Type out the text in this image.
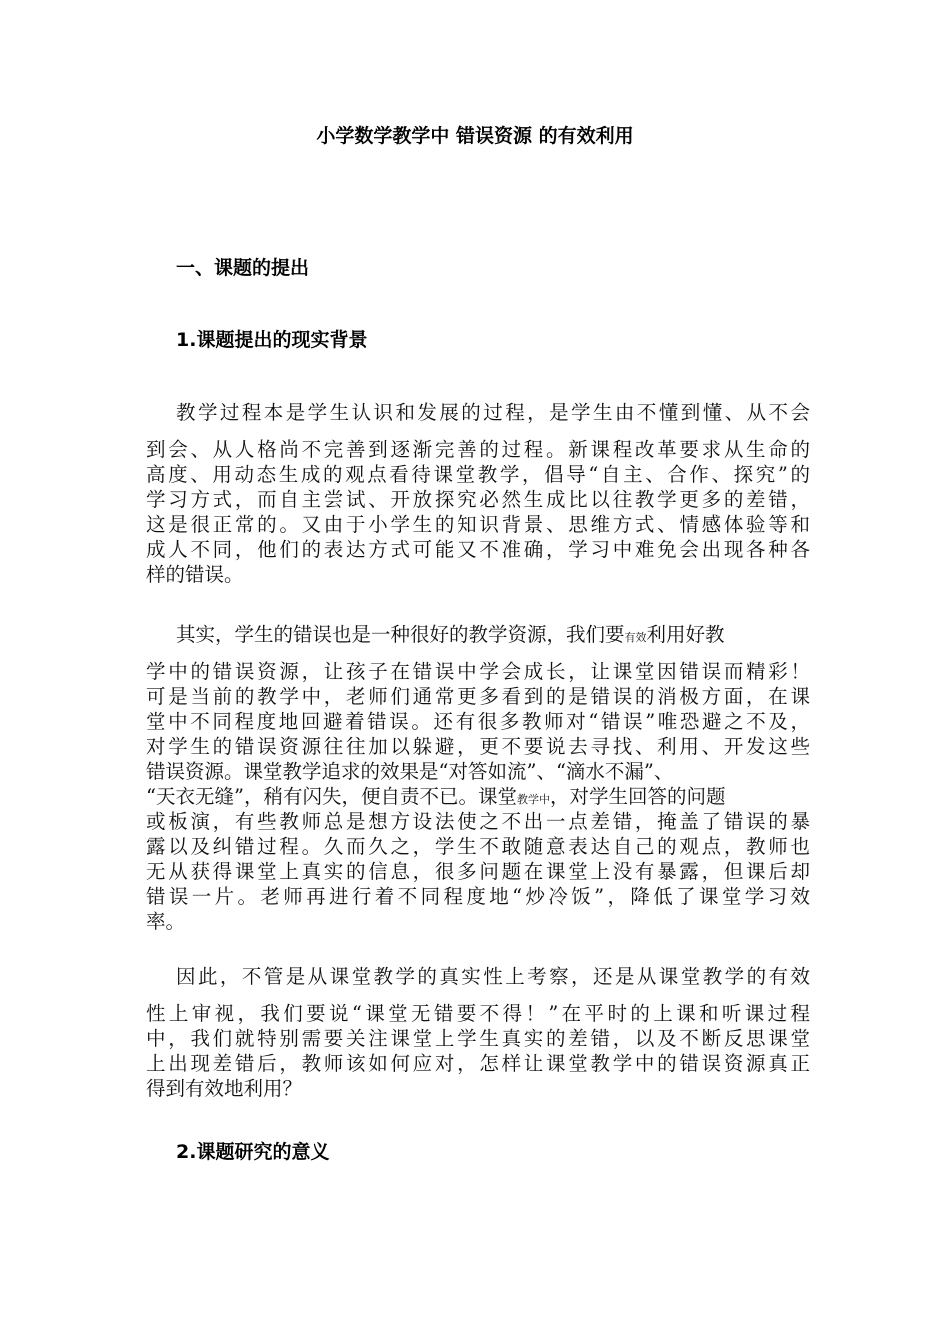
小学数学教学中 错误资源 的有效利用
一、课题的提出
1.课题提出的现实背景
教学过程本是学生认识和发展的过程，是学生由不懂到懂、从不会
到会、从人格尚不完善到逐渐完善的过程。新课程改革要求从生命的
高度、用动态生成的观点看待课堂教学，倡导“自主、合作、探究”的
学习方式，而自主尝试、开放探究必然生成比以往教学更多的差错，
这是很正常的。又由于小学生的知识背景、思维方式、情感体验等和
成人不同，他们的表达方式可能又不准确，学习中难免会出现各种各
样的错误。
其实，学生的错误也是一种很好的教学资源，我们要有效利用好教
学中的错误资源，让孩子在错误中学会成长，让课堂因错误而精彩！
可是当前的教学中，老师们通常更多看到的是错误的消极方面，在课
堂中不同程度地回避着错误。还有很多教师对“错误”唯恐避之不及，
对学生的错误资源往往加以躲避，更不要说去寻找、利用、开发这些
错误资源。课堂教学追求的效果是“对答如流”、“滴水不漏”、
“天衣无缝”，稍有闪失，便自责不已。课堂教学中，对学生回答的问题
或板演，有些教师总是想方设法使之不出一点差错，掩盖了错误的暴
露以及纠错过程。久而久之，学生不敢随意表达自己的观点，教师也
无从获得课堂上真实的信息，很多问题在课堂上没有暴露，但课后却
错误一片。老师再进行着不同程度地“炒冷饭”，降低了课堂学习效
率。
因此，不管是从课堂教学的真实性上考察，还是从课堂教学的有效
性上审视，我们要说“课堂无错要不得！”在平时的上课和听课过程
中，我们就特别需要关注课堂上学生真实的差错，以及不断反思课堂
上出现差错后，教师该如何应对，怎样让课堂教学中的错误资源真正
得到有效地利用？
2.课题研究的意义
